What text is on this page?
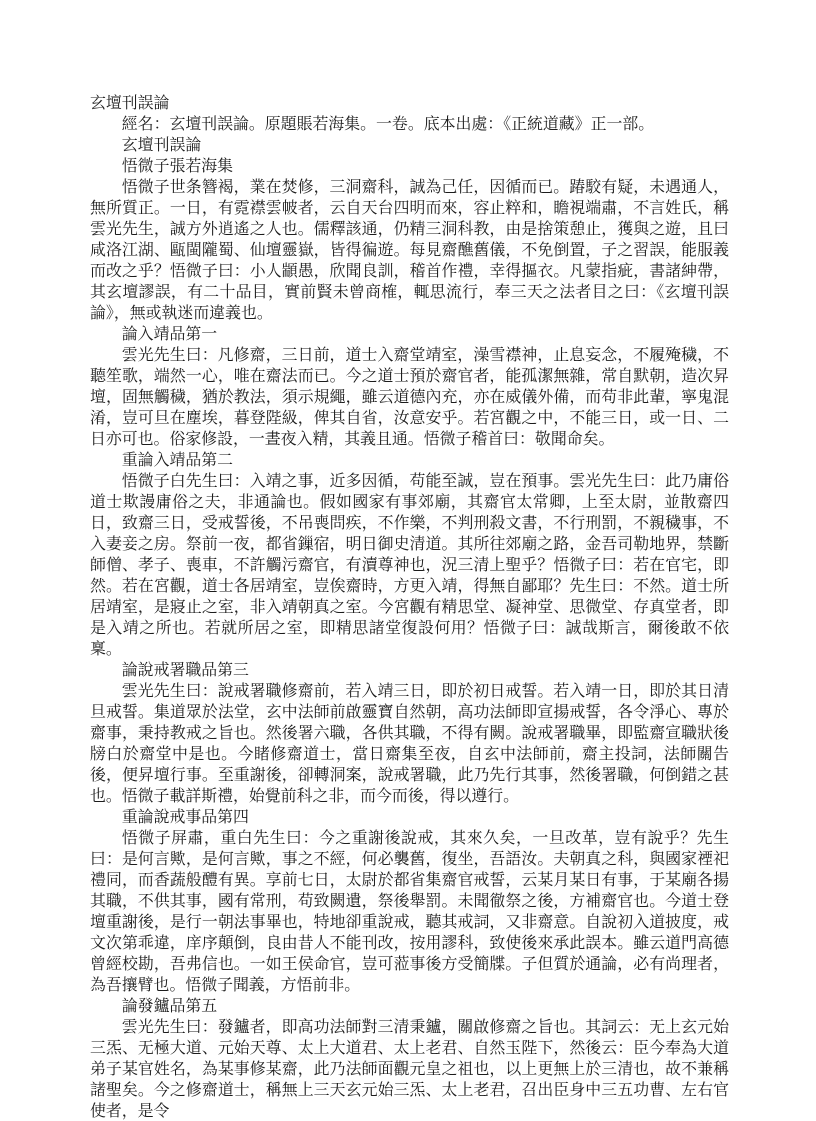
玄壇刊誤論

經名：玄壇刊誤論。原題賬若海集。一卷。底本出處：《正統道藏》正一部。

玄壇刊誤論

悟微子張若海集

悟微子世条簪褐，業在焚修，三洞齋科，誠為己任，因循而已。踳駮有疑，未遇通人，無所質正。一日，有霓襟雲帔者，云自天台四明而來，容止粹和，瞻視端肅，不言姓氏，稱雲光先生，誠方外逍遙之人也。儒釋該通，仍精三洞科教，由是捨策憩止，獲與之遊，且曰咸洛江湖、甌閩隴蜀、仙壇靈嶽，皆得徧遊。每見齋醮舊儀，不免倒置，子之習誤，能服義而改之乎？悟微子曰：小人顓愚，欣聞良訓，稽首作禮，幸得摳衣。凡蒙指疵，書諸紳帶，其玄壇謬誤，有二十品目，實前賢未曾商榷，輒思流行，奉三天之法者目之曰：《玄壇刊誤論》，無或執迷而違義也。

論入靖品第一

雲光先生曰：凡修齋，三日前，道士入齋堂靖室，澡雪襟神，止息妄念，不履殗穢，不聽笙歌，端然一心，唯在齋法而已。今之道士預於齋官者，能孤潔無雜，常自默朝，造次昇壇，固無觸穢，猶於教法，須示規繩，雖云道德內充，亦在威儀外備，而苟非此輩，寧鬼混淆，豈可旦在塵埃，暮登陛級，俾其自省，汝意安乎。若宮觀之中，不能三日，或一日、二日亦可也。俗家修設，一晝夜入精，其義且通。悟微子稽首曰：敬聞命矣。

重論入靖品第二

悟微子白先生曰：入靖之事，近多因循，苟能至誠，豈在預事。雲光先生曰：此乃庸俗道士欺謾庸俗之夫，非通論也。假如國家有事郊廟，其齋官太常卿，上至太尉，並散齋四日，致齋三日，受戒誓後，不吊喪問疾，不作樂，不判刑殺文書，不行刑罰，不親穢事，不入妻妾之房。祭前一夜，都省鏁宿，明日御史清道。其所往郊廟之路，金吾司勒地界，禁斷師僧、孝子、喪車，不許觸污齋官，有瀆尊神也，況三清上聖乎？悟微子曰：若在官宅，即然。若在宮觀，道士各居靖室，豈俟齋時，方更入靖，得無自鄙耶？先生曰：不然。道士所居靖室，是寢止之室，非入靖朝真之室。今宮觀有精思堂、凝神堂、思微堂、存真堂者，即是入靖之所也。若就所居之室，即精思諸堂復設何用？悟微子曰：誠哉斯言，爾後敢不依稟。

論說戒署職品第三

雲光先生曰：說戒署職修齋前，若入靖三日，即於初日戒誓。若入靖一日，即於其日清旦戒誓。集道眾於法堂，玄中法師前啟靈寶自然朝，高功法師即宣揚戒誓，各令淨心、專於齋事，秉持教戒之旨也。然後署六職，各供其職，不得有闕。說戒署職畢，即監齋宣職狀後牓白於齋堂中是也。今睹修齋道士，當日齋集至夜，自玄中法師前，齋主投詞，法師關告後，便昇壇行事。至重謝後，卻轉洞案，說戒署職，此乃先行其事，然後署職，何倒錯之甚也。悟微子載詳斯禮，始覺前科之非，而今而後，得以遵行。

重論說戒事品第四

悟微子屏肅，重白先生曰：今之重謝後說戒，其來久矣，一旦改革，豈有說乎？先生曰：是何言歟，是何言歟，事之不經，何必襲舊，復坐，吾語汝。夫朝真之科，與國家禋祀禮同，而香蔬般醴有異。享前七日，太尉於都省集齋官戒誓，云某月某日有事，于某廟各揚其職，不供其事，國有常刑，苟致闕遺，祭後舉罰。未聞徹祭之後，方補齋官也。今道士登壇重謝後，是行一朝法事畢也，特地卻重說戒，聽其戒詞，又非齋意。自說初入道披度，戒文次第乖違，庠序顛倒，良由昔人不能刊改，按用謬科，致使後來承此誤本。雖云道門高德曾經校勘，吾弗信也。一如王侯命官，豈可蒞事後方受簡牒。子但質於通論，必有尚理者，為吾攘臂也。悟微子聞義，方悟前非。

論發鑪品第五

雲光先生曰：發鑪者，即高功法師對三清秉鑪，關啟修齋之旨也。其詞云：无上玄元始三炁、无極大道、元始天尊、太上大道君、太上老君、自然玉陛下，然後云：臣今奉為大道弟子某官姓名，為某事修某齋，此乃法師面觀元皇之祖也，以上更無上於三清也，故不兼稱諸聖矣。今之修齋道士，稱無上三天玄元始三炁、太上老君，召出臣身中三五功曹、左右官使者，是令
